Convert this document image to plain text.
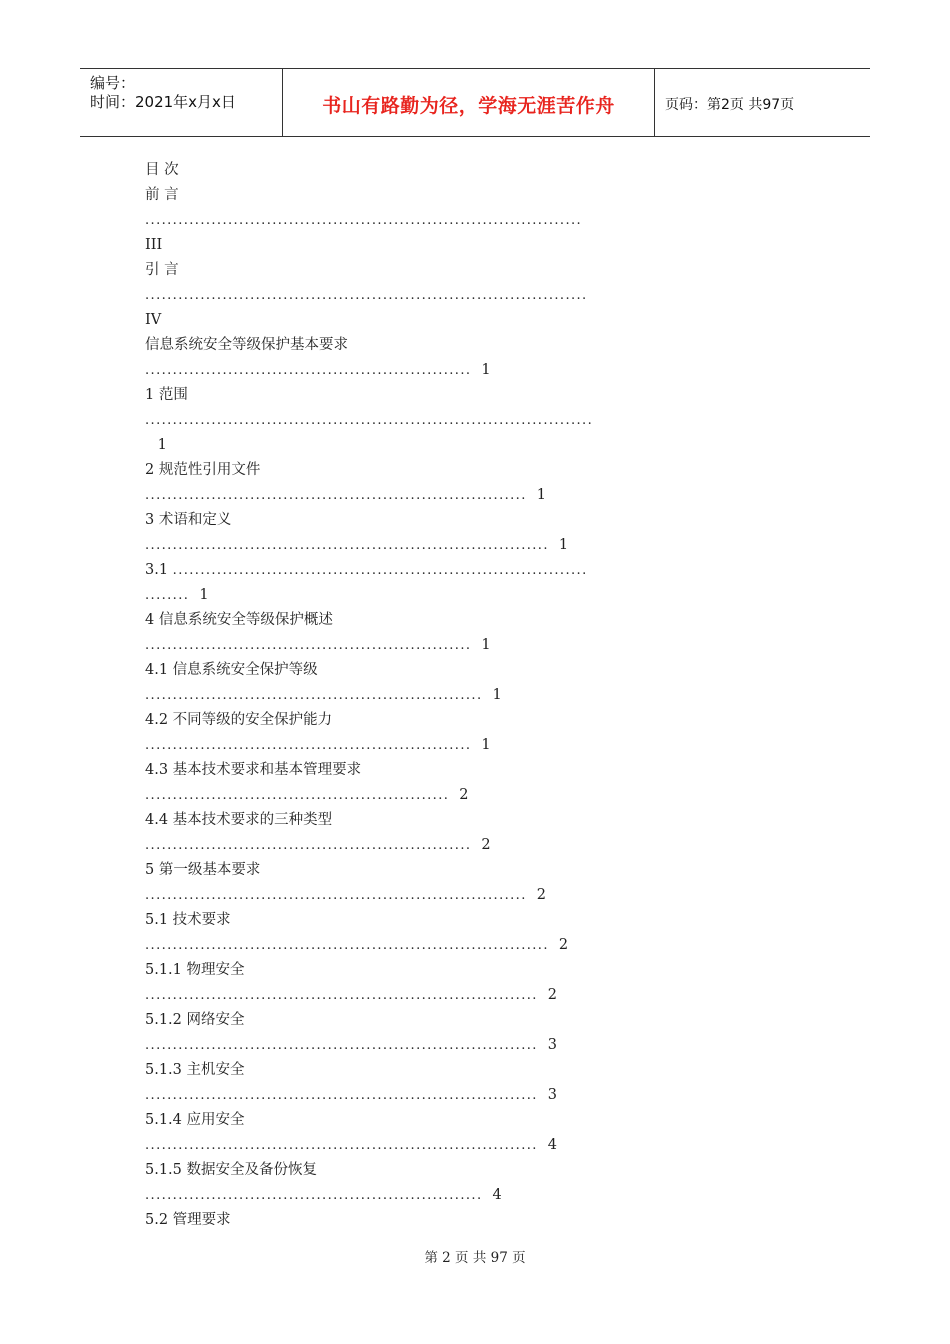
编号：
时间：2021年x月x日	书山有路勤为径，学海无涯苦作舟	页码：第2页 共97页
目 次
前 言
...............................................................................
III
引 言
................................................................................
IV
信息系统安全等级保护基本要求
........................................................... 1
1 范围
.................................................................................
1
2 规范性引用文件
..................................................................... 1
3 术语和定义
......................................................................... 1
3.1 ...........................................................................
........  1
4 信息系统安全等级保护概述
........................................................... 1
4.1 信息系统安全保护等级
............................................................. 1
4.2 不同等级的安全保护能力
........................................................... 1
4.3 基本技术要求和基本管理要求
....................................................... 2
4.4 基本技术要求的三种类型
........................................................... 2
5 第一级基本要求
..................................................................... 2
5.1 技术要求
......................................................................... 2
5.1.1 物理安全
....................................................................... 2
5.1.2 网络安全
....................................................................... 3
5.1.3 主机安全
....................................................................... 3
5.1.4 应用安全
....................................................................... 4
5.1.5 数据安全及备份恢复
............................................................. 4
5.2 管理要求
第 2 页 共 97 页
